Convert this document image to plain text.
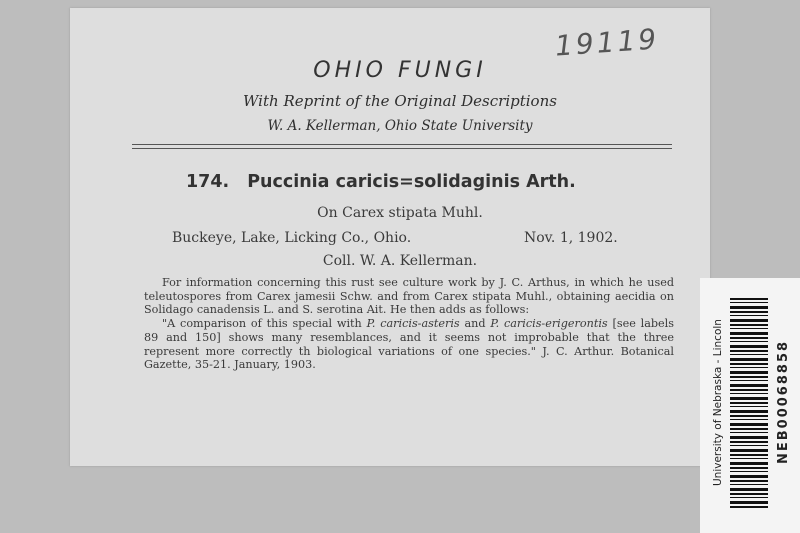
19119
OHIO FUNGI
With Reprint of the Original Descriptions
W. A. Kellerman, Ohio State University
174. Puccinia caricis=solidaginis Arth.
On Carex stipata Muhl.
Buckeye, Lake, Licking Co., Ohio.	Nov. 1, 1902.
Coll. W. A. Kellerman.

For information concerning this rust see culture work by J. C. Arthus, in which he used teleutospores from Carex jamesii Schw. and from Carex stipata Muhl., obtaining aecidia on Solidago canadensis L. and S. serotina Ait. He then adds as follows:

"A comparison of this special with P. caricis-asteris and P. caricis-erigerontis [see labels 89 and 150] shows many resemblances, and it seems not improbable that the three represent more correctly th biological variations of one species." J. C. Arthur. Botanical Gazette, 35-21. January, 1903.	University of Nebraska - Lincoln	NEB00068858
